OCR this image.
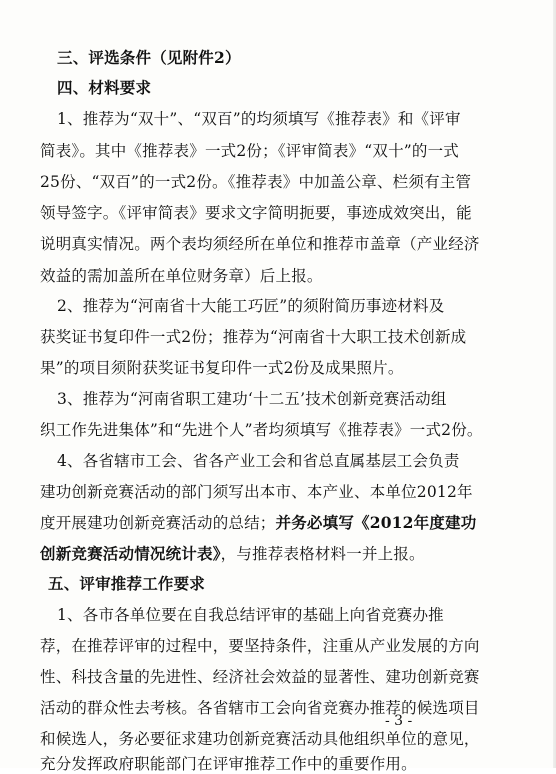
三、评选条件（见附件2）
四、材料要求
1、推荐为“双十”、“双百”的均须填写《推荐表》和《评审
简表》。其中《推荐表》一式2份；《评审简表》“双十”的一式
25份、“双百”的一式2份。《推荐表》中加盖公章、栏须有主管
领导签字。《评审简表》要求文字简明扼要，事迹成效突出，能
说明真实情况。两个表均须经所在单位和推荐市盖章（产业经济
效益的需加盖所在单位财务章）后上报。
2、推荐为“河南省十大能工巧匠”的须附简历事迹材料及
获奖证书复印件一式2份；推荐为“河南省十大职工技术创新成
果”的项目须附获奖证书复印件一式2份及成果照片。
3、推荐为“河南省职工建功‘十二五’技术创新竞赛活动组
织工作先进集体”和“先进个人”者均须填写《推荐表》一式2份。
4、各省辖市工会、省各产业工会和省总直属基层工会负责
建功创新竞赛活动的部门须写出本市、本产业、本单位2012年
度开展建功创新竞赛活动的总结；并务必填写《2012年度建功
创新竞赛活动情况统计表》，与推荐表格材料一并上报。
五、评审推荐工作要求
1、各市各单位要在自我总结评审的基础上向省竞赛办推
荐，在推荐评审的过程中，要坚持条件，注重从产业发展的方向
性、科技含量的先进性、经济社会效益的显著性、建功创新竞赛
活动的群众性去考核。各省辖市工会向省竞赛办推荐的候选项目
和候选人，务必要征求建功创新竞赛活动具他组织单位的意见，
充分发挥政府职能部门在评审推荐工作中的重要作用。
- 3 -
